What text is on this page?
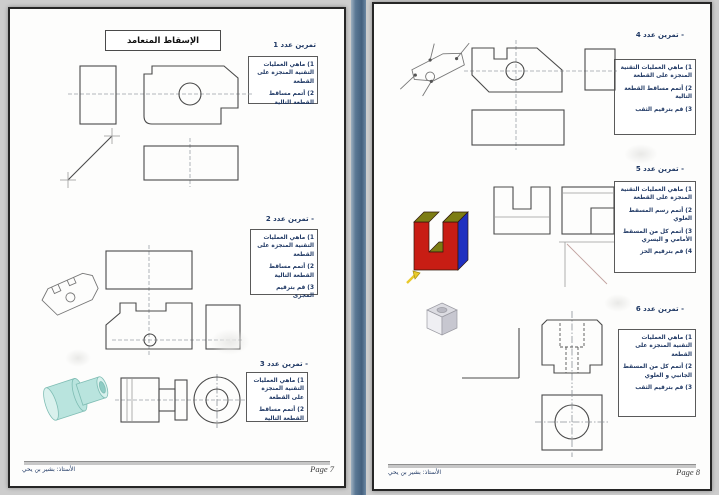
الإسقاط المتعامد	تمرين عدد 1
1) ماهي العمليات التقنية المنجزة على القطعة
2) أتمم مساقط القطعة التالية
- تمرين عدد 2
1) ماهي العمليات التقنية المنجزة على القطعة
2) أتمم مساقط القطعة التالية
3) قم بترقيم المجرى
- تمرين عدد 3
1) ماهي العمليات التقنية المنجزة على القطعة
2) أتمم مساقط القطعة التالية
الأستاذ: بشير بن يحي	Page 7
- تمرين عدد 4
1) ماهي العمليات التقنية المنجزة على القطعة
2) أتمم مساقط القطعة التالية
3) قم بترقيم الثقب
- تمرين عدد 5
1) ماهي العمليات التقنية المنجزة على القطعة
2) أتمم رسم المسقط العلوي
3) أتمم كل من المسقط الأمامي و اليسري
4) قم بترقيم الحز
- تمرين عدد 6
1) ماهي العمليات التقنية المنجزة على القطعة
2) أتمم كل من المسقط الجانبي و العلوي
3) قم بترقيم الثقب
الأستاذ: بشير بن يحي	Page 8
